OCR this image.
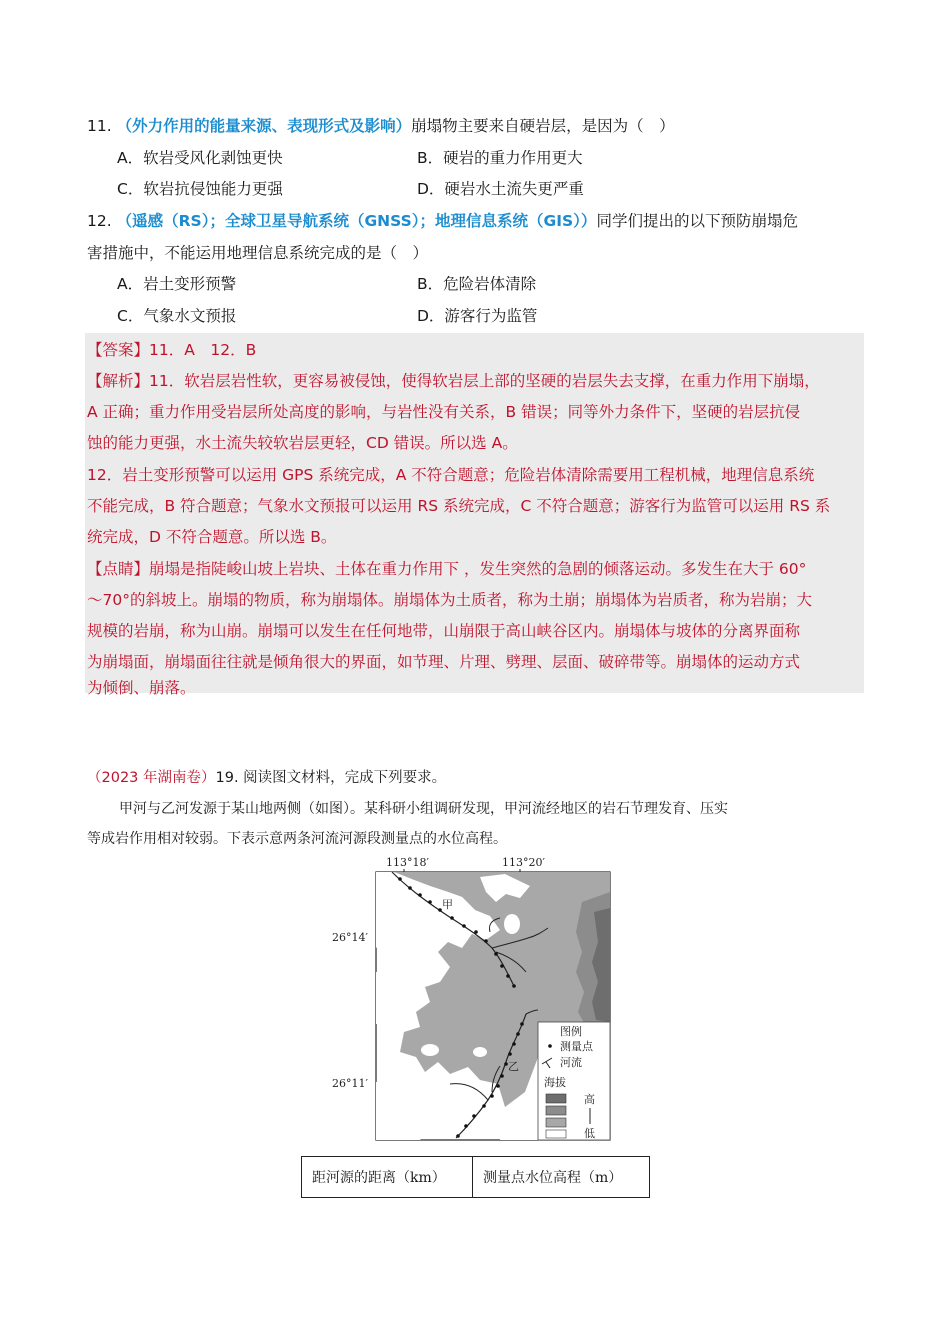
11. （外力作用的能量来源、表现形式及影响）崩塌物主要来自硬岩层，是因为（　）
A．软岩受风化剥蚀更快	B．硬岩的重力作用更大
C．软岩抗侵蚀能力更强	D．硬岩水土流失更严重
12. （遥感（RS）；全球卫星导航系统（GNSS）；地理信息系统（GIS））同学们提出的以下预防崩塌危
害措施中，不能运用地理信息系统完成的是（　）
A．岩土变形预警	B．危险岩体清除
C．气象水文预报	D．游客行为监管
【答案】11．A　12．B
【解析】11．软岩层岩性软，更容易被侵蚀，使得软岩层上部的坚硬的岩层失去支撑，在重力作用下崩塌，
A 正确；重力作用受岩层所处高度的影响，与岩性没有关系，B 错误；同等外力条件下，坚硬的岩层抗侵
蚀的能力更强，水土流失较软岩层更轻，CD 错误。所以选 A。
12．岩土变形预警可以运用 GPS 系统完成，A 不符合题意；危险岩体清除需要用工程机械，地理信息系统
不能完成，B 符合题意；气象水文预报可以运用 RS 系统完成，C 不符合题意；游客行为监管可以运用 RS 系
统完成，D 不符合题意。所以选 B。
【点睛】崩塌是指陡峻山坡上岩块、土体在重力作用下 ，发生突然的急剧的倾落运动。多发生在大于 60°
～70°的斜坡上。崩塌的物质，称为崩塌体。崩塌体为土质者，称为土崩；崩塌体为岩质者，称为岩崩；大
规模的岩崩，称为山崩。崩塌可以发生在任何地带，山崩限于高山峡谷区内。崩塌体与坡体的分离界面称
为崩塌面，崩塌面往往就是倾角很大的界面，如节理、片理、劈理、层面、破碎带等。崩塌体的运动方式
为倾倒、崩落。
（2023 年湖南卷）19. 阅读图文材料，完成下列要求。
甲河与乙河发源于某山地两侧（如图）。某科研小组调研发现，甲河流经地区的岩石节理发育、压实
等成岩作用相对较弱。下表示意两条河流河源段测量点的水位高程。
113°18′	113°20′
26°14′
26°11′
甲
乙
图例
测量点
河流
海拔
高
低
距河源的距离（km）	测量点水位高程（m）
